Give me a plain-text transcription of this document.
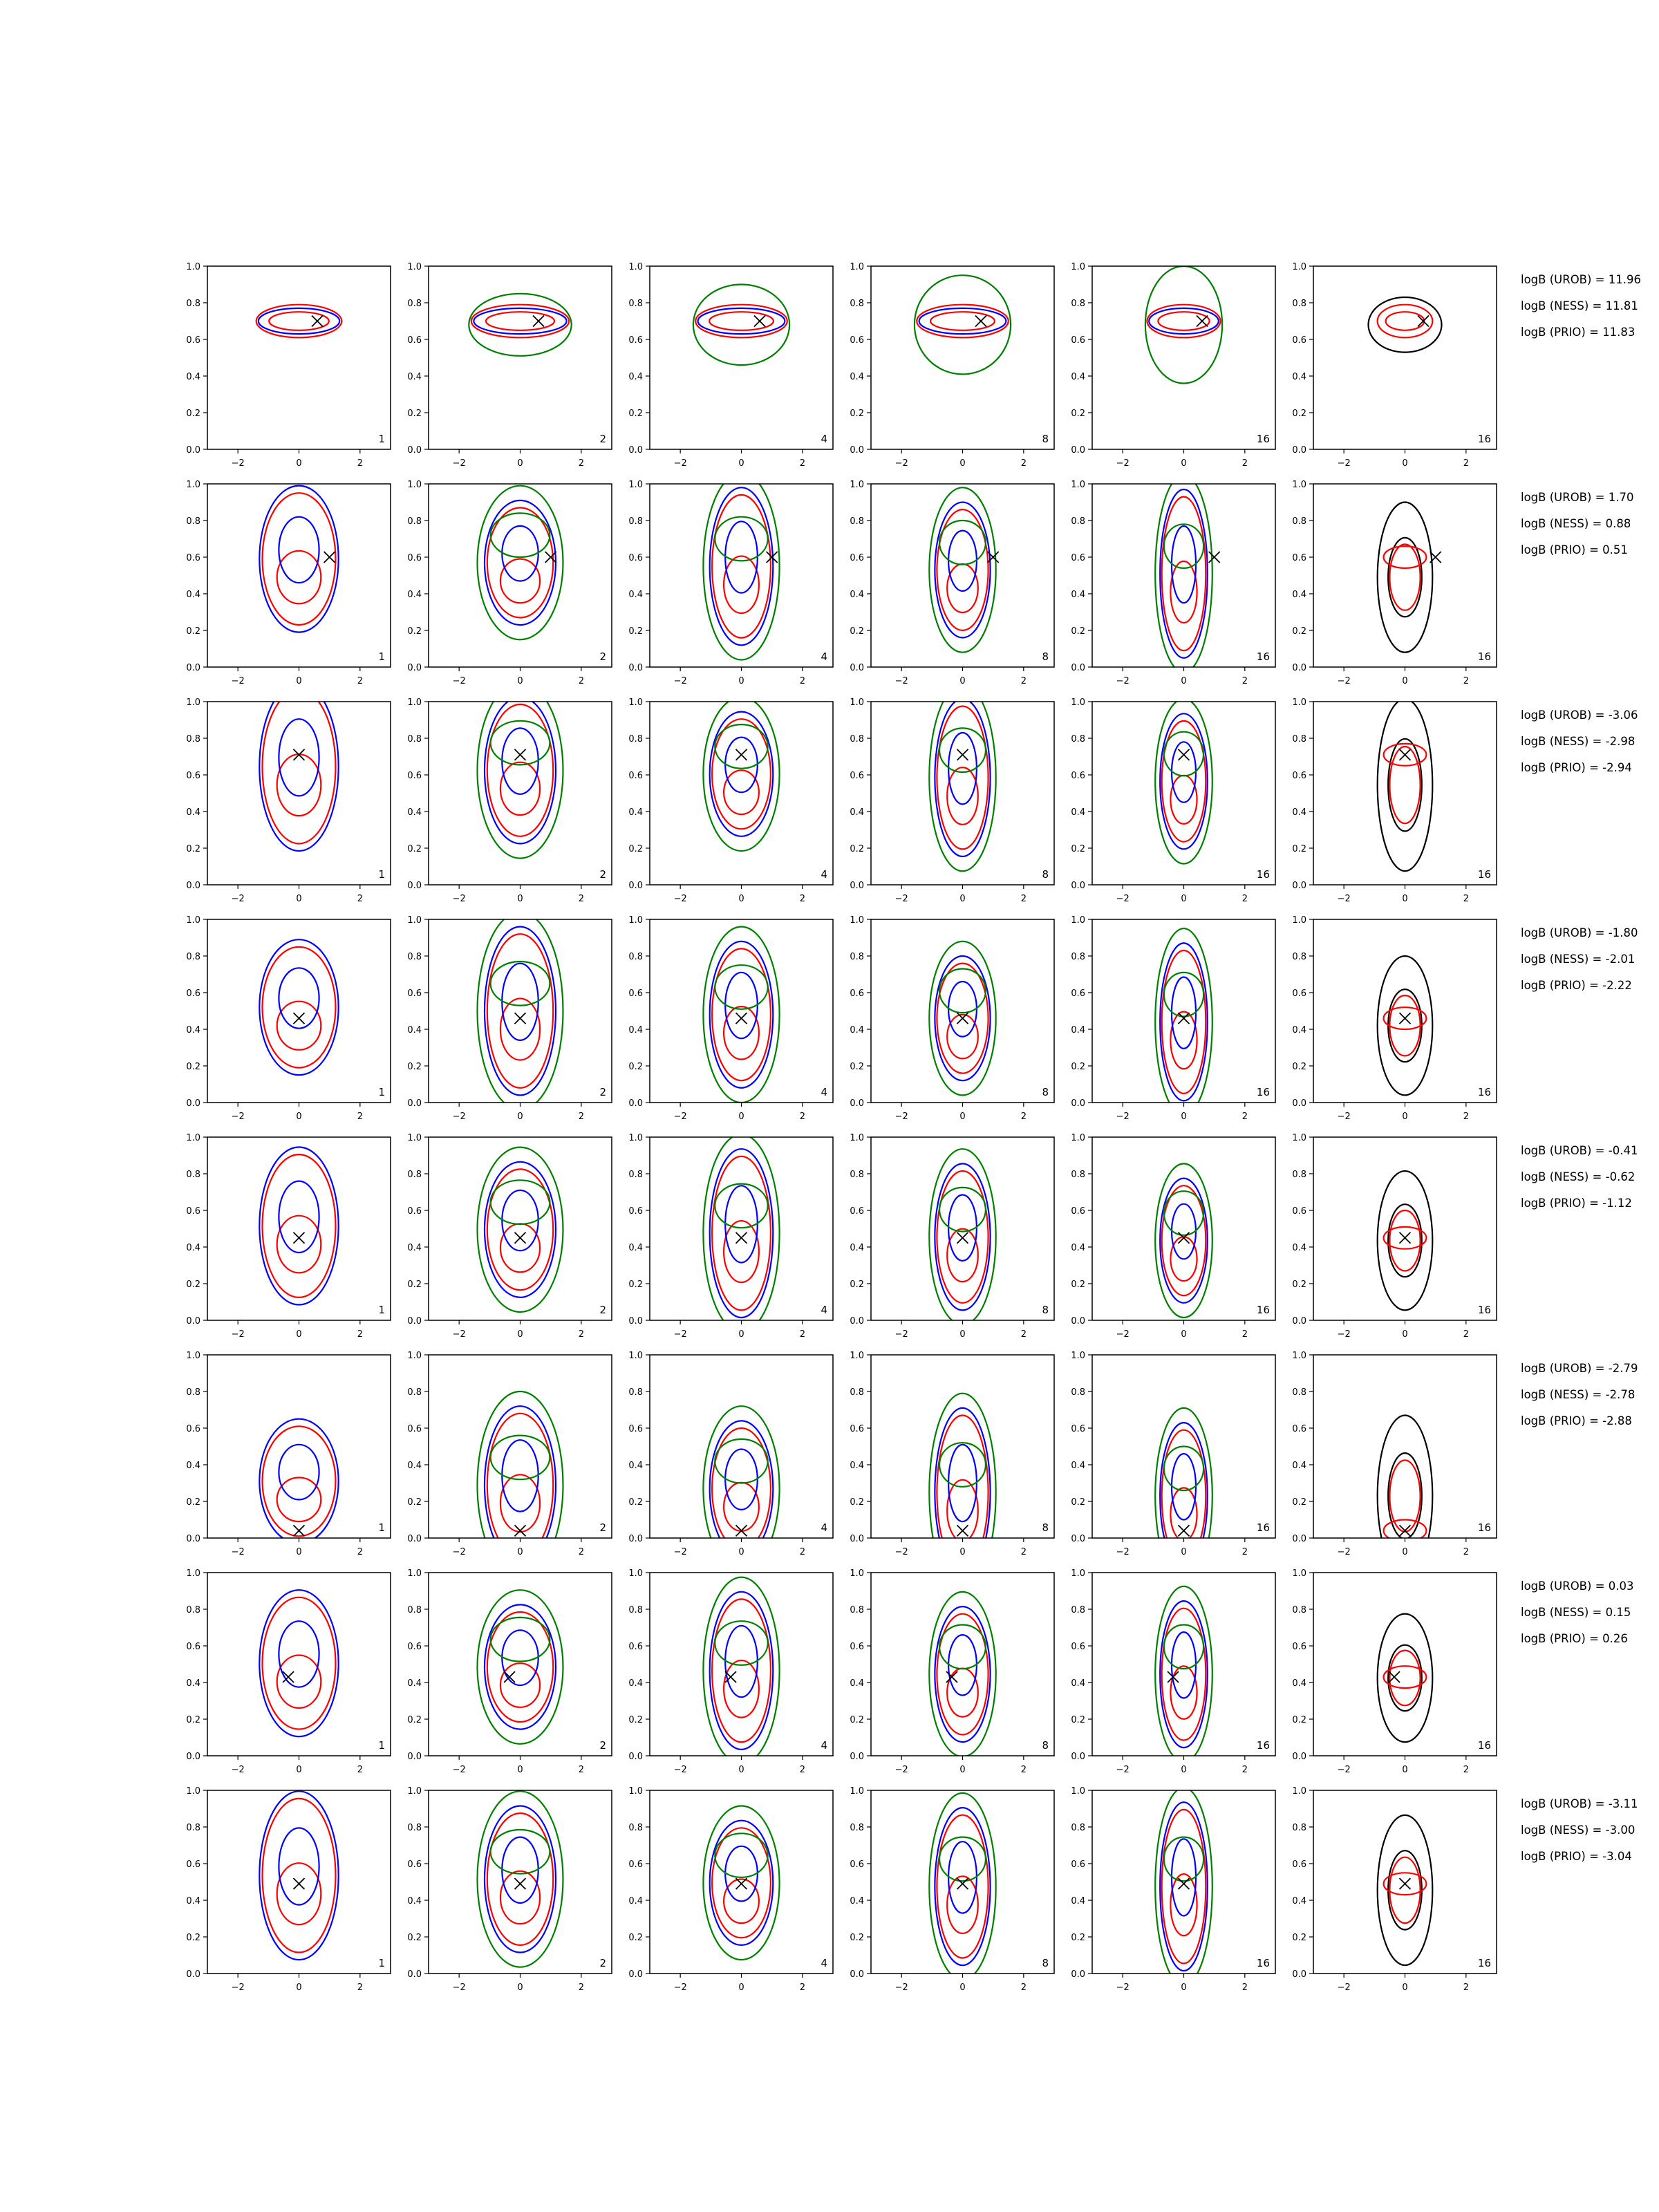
−2	0	2
0.0
0.2
0.4
0.6
0.8
1.0
1
−2	0	2
0.0
0.2
0.4
0.6
0.8
1.0
2
−2	0	2
0.0
0.2
0.4
0.6
0.8
1.0
4
−2	0	2
0.0
0.2
0.4
0.6
0.8
1.0
8
−2	0	2
0.0
0.2
0.4
0.6
0.8
1.0
16
−2	0	2
0.0
0.2
0.4
0.6
0.8
1.0
16
logB (UROB) = 11.96
logB (NESS) = 11.81
logB (PRIO) = 11.83
−2	0	2
0.0
0.2
0.4
0.6
0.8
1.0
1
−2	0	2
0.0
0.2
0.4
0.6
0.8
1.0
2
−2	0	2
0.0
0.2
0.4
0.6
0.8
1.0
4
−2	0	2
0.0
0.2
0.4
0.6
0.8
1.0
8
−2	0	2
0.0
0.2
0.4
0.6
0.8
1.0
16
−2	0	2
0.0
0.2
0.4
0.6
0.8
1.0
16
logB (UROB) = 1.70
logB (NESS) = 0.88
logB (PRIO) = 0.51
−2	0	2
0.0
0.2
0.4
0.6
0.8
1.0
1
−2	0	2
0.0
0.2
0.4
0.6
0.8
1.0
2
−2	0	2
0.0
0.2
0.4
0.6
0.8
1.0
4
−2	0	2
0.0
0.2
0.4
0.6
0.8
1.0
8
−2	0	2
0.0
0.2
0.4
0.6
0.8
1.0
16
−2	0	2
0.0
0.2
0.4
0.6
0.8
1.0
16
logB (UROB) = -3.06
logB (NESS) = -2.98
logB (PRIO) = -2.94
−2	0	2
0.0
0.2
0.4
0.6
0.8
1.0
1
−2	0	2
0.0
0.2
0.4
0.6
0.8
1.0
2
−2	0	2
0.0
0.2
0.4
0.6
0.8
1.0
4
−2	0	2
0.0
0.2
0.4
0.6
0.8
1.0
8
−2	0	2
0.0
0.2
0.4
0.6
0.8
1.0
16
−2	0	2
0.0
0.2
0.4
0.6
0.8
1.0
16
logB (UROB) = -1.80
logB (NESS) = -2.01
logB (PRIO) = -2.22
−2	0	2
0.0
0.2
0.4
0.6
0.8
1.0
1
−2	0	2
0.0
0.2
0.4
0.6
0.8
1.0
2
−2	0	2
0.0
0.2
0.4
0.6
0.8
1.0
4
−2	0	2
0.0
0.2
0.4
0.6
0.8
1.0
8
−2	0	2
0.0
0.2
0.4
0.6
0.8
1.0
16
−2	0	2
0.0
0.2
0.4
0.6
0.8
1.0
16
logB (UROB) = -0.41
logB (NESS) = -0.62
logB (PRIO) = -1.12
−2	0	2
0.0
0.2
0.4
0.6
0.8
1.0
1
−2	0	2
0.0
0.2
0.4
0.6
0.8
1.0
2
−2	0	2
0.0
0.2
0.4
0.6
0.8
1.0
4
−2	0	2
0.0
0.2
0.4
0.6
0.8
1.0
8
−2	0	2
0.0
0.2
0.4
0.6
0.8
1.0
16
−2	0	2
0.0
0.2
0.4
0.6
0.8
1.0
16
logB (UROB) = -2.79
logB (NESS) = -2.78
logB (PRIO) = -2.88
−2	0	2
0.0
0.2
0.4
0.6
0.8
1.0
1
−2	0	2
0.0
0.2
0.4
0.6
0.8
1.0
2
−2	0	2
0.0
0.2
0.4
0.6
0.8
1.0
4
−2	0	2
0.0
0.2
0.4
0.6
0.8
1.0
8
−2	0	2
0.0
0.2
0.4
0.6
0.8
1.0
16
−2	0	2
0.0
0.2
0.4
0.6
0.8
1.0
16
logB (UROB) = 0.03
logB (NESS) = 0.15
logB (PRIO) = 0.26
−2	0	2
0.0
0.2
0.4
0.6
0.8
1.0
1
−2	0	2
0.0
0.2
0.4
0.6
0.8
1.0
2
−2	0	2
0.0
0.2
0.4
0.6
0.8
1.0
4
−2	0	2
0.0
0.2
0.4
0.6
0.8
1.0
8
−2	0	2
0.0
0.2
0.4
0.6
0.8
1.0
16
−2	0	2
0.0
0.2
0.4
0.6
0.8
1.0
16
logB (UROB) = -3.11
logB (NESS) = -3.00
logB (PRIO) = -3.04
